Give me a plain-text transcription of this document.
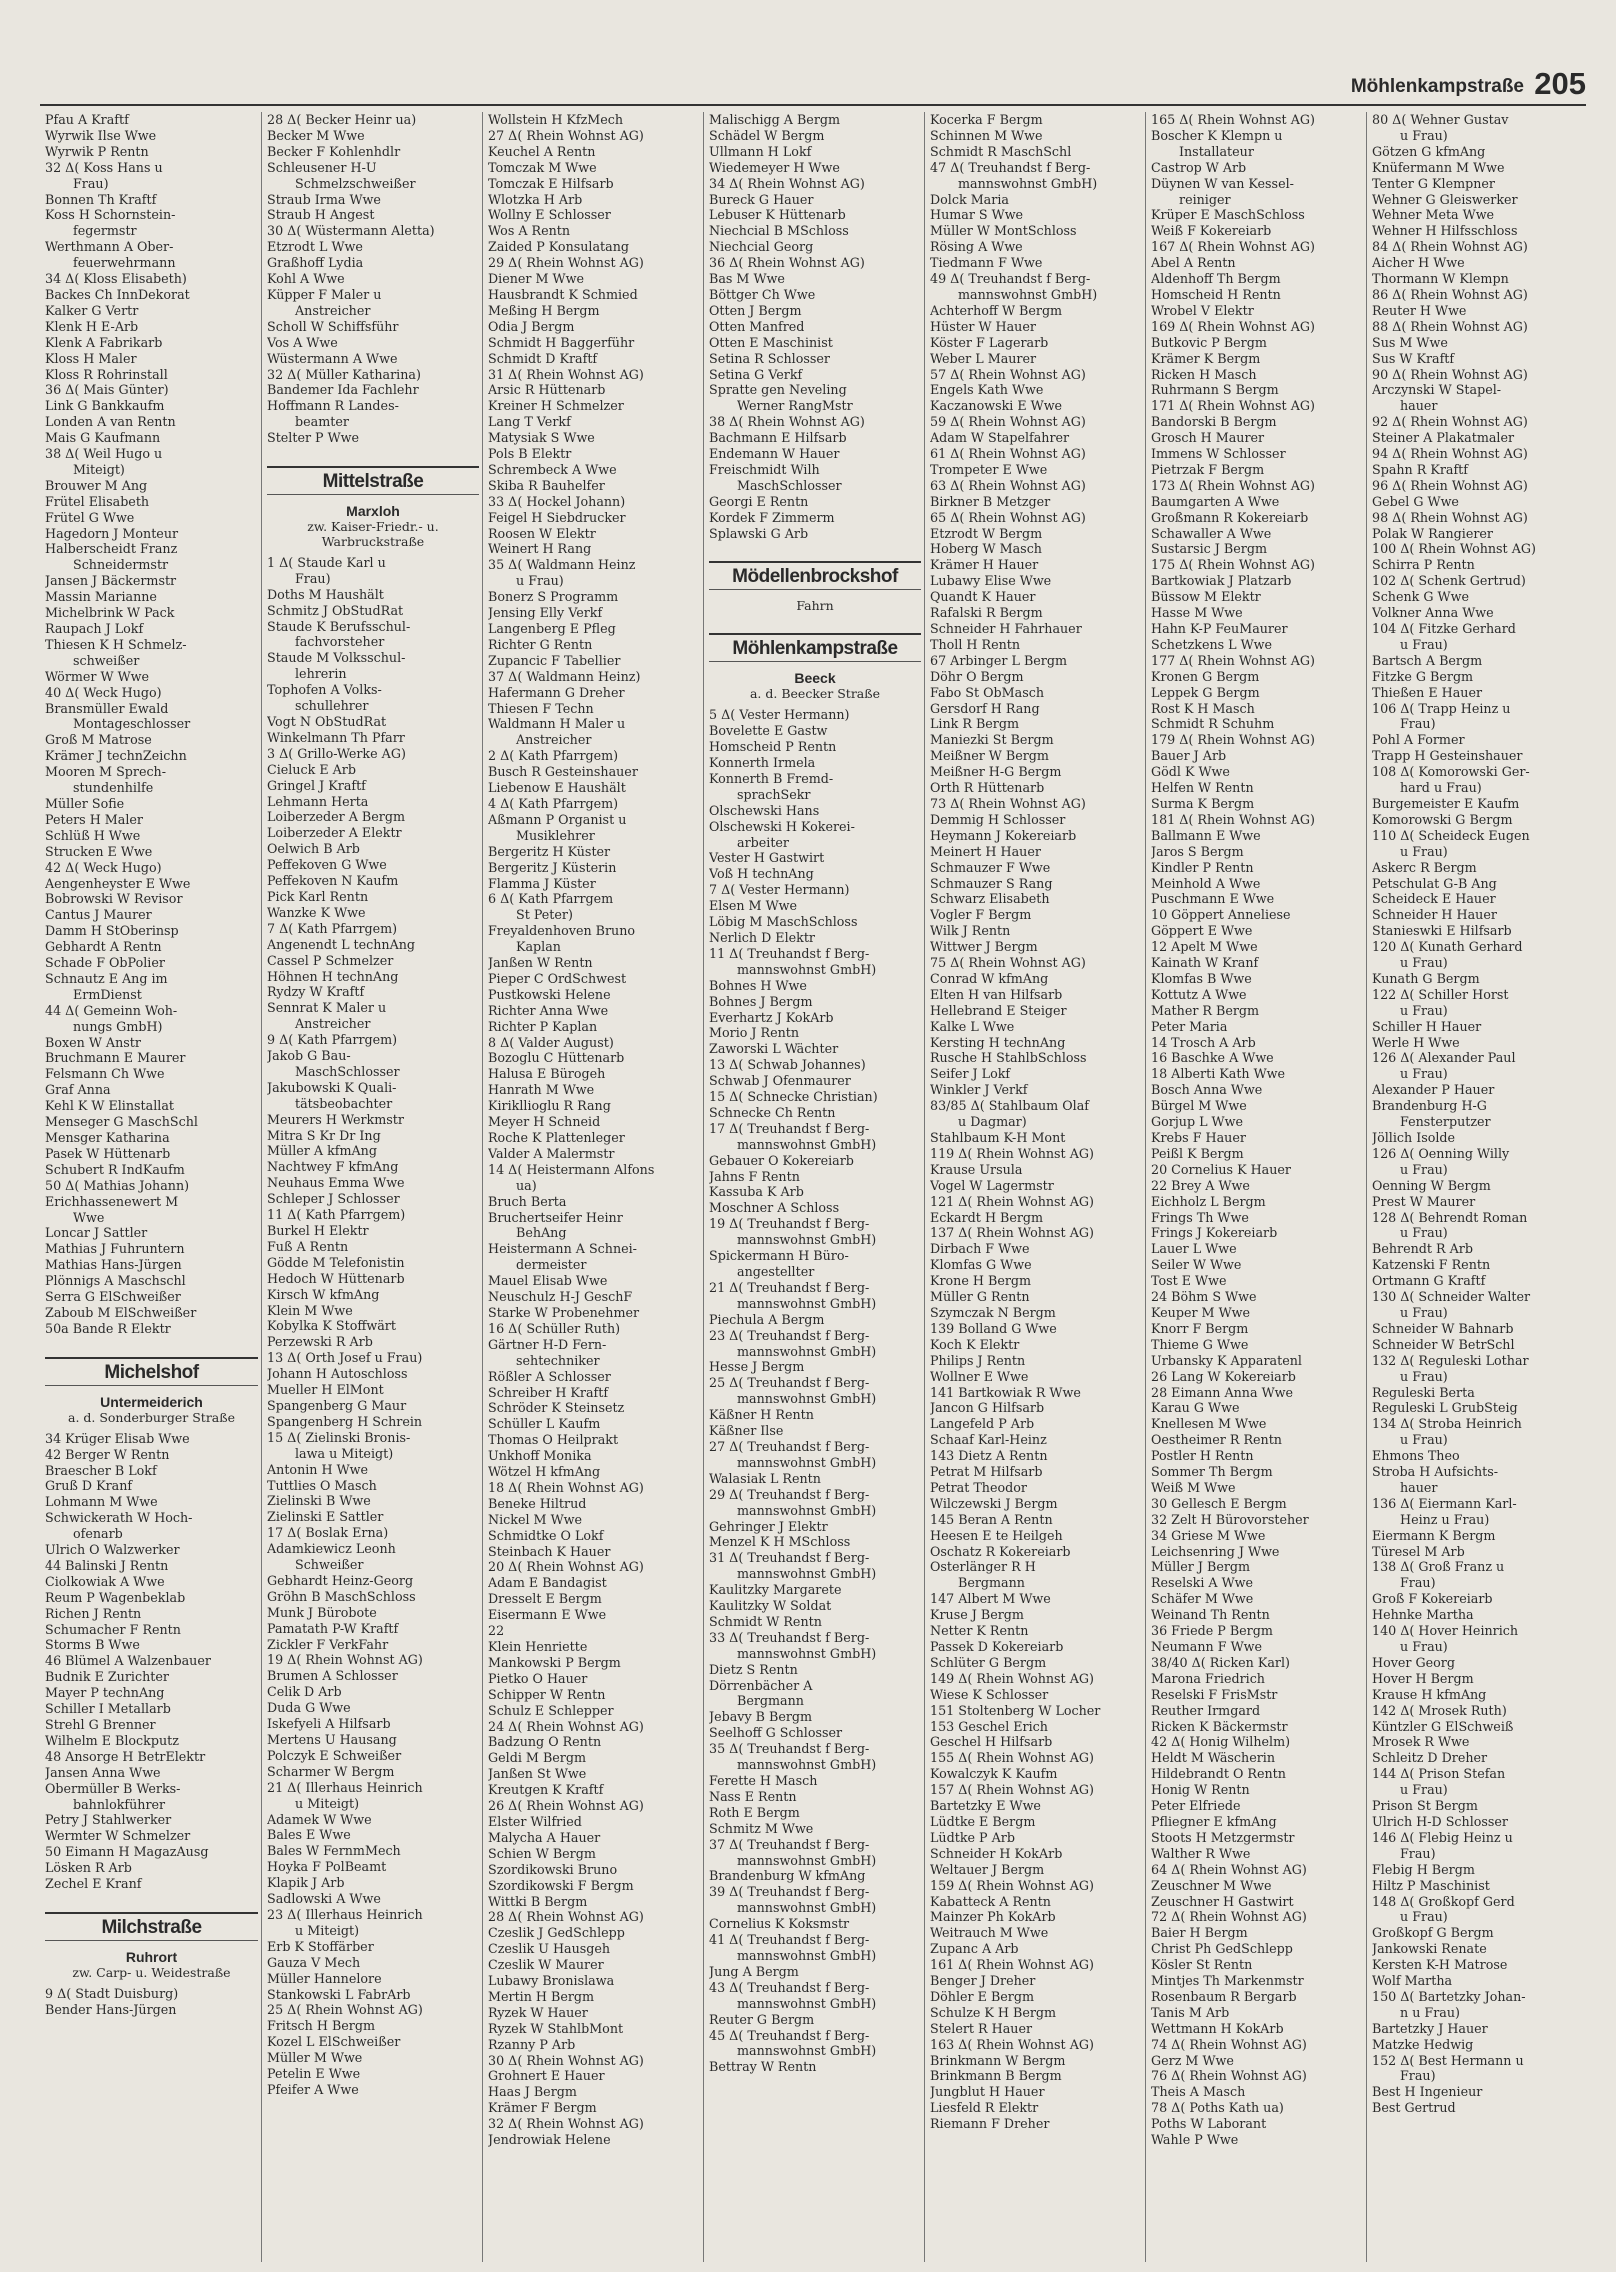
Möhlenkampstraße 205
Pfau A Kraftf
Wyrwik Ilse Wwe
Wyrwik P Rentn
32 Δ( Koss Hans u
Frau)
Bonnen Th Kraftf
Koss H Schornstein-
fegermstr
Werthmann A Ober-
feuerwehrmann
34 Δ( Kloss Elisabeth)
Backes Ch InnDekorat
Kalker G Vertr
Klenk H E-Arb
Klenk A Fabrikarb
Kloss H Maler
Kloss R Rohrinstall
36 Δ( Mais Günter)
Link G Bankkaufm
Londen A van Rentn
Mais G Kaufmann
38 Δ( Weil Hugo u
Miteigt)
Brouwer M Ang
Frütel Elisabeth
Frütel G Wwe
Hagedorn J Monteur
Halberscheidt Franz
Schneidermstr
Jansen J Bäckermstr
Massin Marianne
Michelbrink W Pack
Raupach J Lokf
Thiesen K H Schmelz-
schweißer
Wörmer W Wwe
40 Δ( Weck Hugo)
Bransmüller Ewald
Montageschlosser
Groß M Matrose
Krämer J technZeichn
Mooren M Sprech-
stundenhilfe
Müller Sofie
Peters H Maler
Schlüß H Wwe
Strucken E Wwe
42 Δ( Weck Hugo)
Aengenheyster E Wwe
Bobrowski W Revisor
Cantus J Maurer
Damm H StOberinsp
Gebhardt A Rentn
Schade F ObPolier
Schnautz E Ang im
ErmDienst
44 Δ( Gemeinn Woh-
nungs GmbH)
Boxen W Anstr
Bruchmann E Maurer
Felsmann Ch Wwe
Graf Anna
Kehl K W Elinstallat
Menseger G MaschSchl
Mensger Katharina
Pasek W Hüttenarb
Schubert R IndKaufm
50 Δ( Mathias Johann)
Erichhassenewert M
Wwe
Loncar J Sattler
Mathias J Fuhruntern
Mathias Hans-Jürgen
Plönnigs A Maschschl
Serra G ElSchweißer
Zaboub M ElSchweißer
50a Bande R Elektr
Michelshof
Untermeiderich
a. d. Sonderburger Straße
34 Krüger Elisab Wwe
42 Berger W Rentn
Braescher B Lokf
Gruß D Kranf
Lohmann M Wwe
Schwickerath W Hoch-
ofenarb
Ulrich O Walzwerker
44 Balinski J Rentn
Ciolkowiak A Wwe
Reum P Wagenbeklab
Richen J Rentn
Schumacher F Rentn
Storms B Wwe
46 Blümel A Walzenbauer
Budnik E Zurichter
Mayer P technAng
Schiller I Metallarb
Strehl G Brenner
Wilhelm E Blockputz
48 Ansorge H BetrElektr
Jansen Anna Wwe
Obermüller B Werks-
bahnlokführer
Petry J Stahlwerker
Wermter W Schmelzer
50 Eimann H MagazAusg
Lösken R Arb
Zechel E Kranf
Milchstraße
Ruhrort
zw. Carp- u. Weidestraße
9 Δ( Stadt Duisburg)
Bender Hans-Jürgen
28 Δ( Becker Heinr ua)
Becker M Wwe
Becker F Kohlenhdlr
Schleusener H-U
Schmelzschweißer
Straub Irma Wwe
Straub H Angest
30 Δ( Wüstermann Aletta)
Etzrodt L Wwe
Graßhoff Lydia
Kohl A Wwe
Küpper F Maler u
Anstreicher
Scholl W Schiffsführ
Vos A Wwe
Wüstermann A Wwe
32 Δ( Müller Katharina)
Bandemer Ida Fachlehr
Hoffmann R Landes-
beamter
Stelter P Wwe
Mittelstraße
Marxloh
zw. Kaiser-Friedr.- u. Warbruckstraße
1 Δ( Staude Karl u
Frau)
Doths M Haushält
Schmitz J ObStudRat
Staude K Berufsschul-
fachvorsteher
Staude M Volksschul-
lehrerin
Tophofen A Volks-
schullehrer
Vogt N ObStudRat
Winkelmann Th Pfarr
3 Δ( Grillo-Werke AG)
Cieluck E Arb
Gringel J Kraftf
Lehmann Herta
Loiberzeder A Bergm
Loiberzeder A Elektr
Oelwich B Arb
Peffekoven G Wwe
Peffekoven N Kaufm
Pick Karl Rentn
Wanzke K Wwe
7 Δ( Kath Pfarrgem)
Angenendt L technAng
Cassel P Schmelzer
Höhnen H technAng
Rydzy W Kraftf
Sennrat K Maler u
Anstreicher
9 Δ( Kath Pfarrgem)
Jakob G Bau-
MaschSchlosser
Jakubowski K Quali-
tätsbeobachter
Meurers H Werkmstr
Mitra S Kr Dr Ing
Müller A kfmAng
Nachtwey F kfmAng
Neuhaus Emma Wwe
Schleper J Schlosser
11 Δ( Kath Pfarrgem)
Burkel H Elektr
Fuß A Rentn
Gödde M Telefonistin
Hedoch W Hüttenarb
Kirsch W kfmAng
Klein M Wwe
Kobylka K Stoffwärt
Perzewski R Arb
13 Δ( Orth Josef u Frau)
Johann H Autoschloss
Mueller H ElMont
Spangenberg G Maur
Spangenberg H Schrein
15 Δ( Zielinski Bronis-
lawa u Miteigt)
Antonin H Wwe
Tuttlies O Masch
Zielinski B Wwe
Zielinski E Sattler
17 Δ( Boslak Erna)
Adamkiewicz Leonh
Schweißer
Gebhardt Heinz-Georg
Gröhn B MaschSchloss
Munk J Bürobote
Pamatath P-W Kraftf
Zickler F VerkFahr
19 Δ( Rhein Wohnst AG)
Brumen A Schlosser
Celik D Arb
Duda G Wwe
Iskefyeli A Hilfsarb
Mertens U Hausang
Polczyk E Schweißer
Scharmer W Bergm
21 Δ( Illerhaus Heinrich
u Miteigt)
Adamek W Wwe
Bales E Wwe
Bales W FernmMech
Hoyka F PolBeamt
Klapik J Arb
Sadlowski A Wwe
23 Δ( Illerhaus Heinrich
u Miteigt)
Erb K Stoffärber
Gauza V Mech
Müller Hannelore
Stankowski L FabrArb
25 Δ( Rhein Wohnst AG)
Fritsch H Bergm
Kozel L ElSchweißer
Müller M Wwe
Petelin E Wwe
Pfeifer A Wwe
Wollstein H KfzMech
27 Δ( Rhein Wohnst AG)
Keuchel A Rentn
Tomczak M Wwe
Tomczak E Hilfsarb
Wlotzka H Arb
Wollny E Schlosser
Wos A Rentn
Zaided P Konsulatang
29 Δ( Rhein Wohnst AG)
Diener M Wwe
Hausbrandt K Schmied
Meßing H Bergm
Odia J Bergm
Schmidt H Baggerführ
Schmidt D Kraftf
31 Δ( Rhein Wohnst AG)
Arsic R Hüttenarb
Kreiner H Schmelzer
Lang T Verkf
Matysiak S Wwe
Pols B Elektr
Schrembeck A Wwe
Skiba R Bauhelfer
33 Δ( Hockel Johann)
Feigel H Siebdrucker
Roosen W Elektr
Weinert H Rang
35 Δ( Waldmann Heinz
u Frau)
Bonerz S Programm
Jensing Elly Verkf
Langenberg E Pfleg
Richter G Rentn
Zupancic F Tabellier
37 Δ( Waldmann Heinz)
Hafermann G Dreher
Thiesen F Techn
Waldmann H Maler u
Anstreicher
2 Δ( Kath Pfarrgem)
Busch R Gesteinshauer
Liebenow E Haushält
4 Δ( Kath Pfarrgem)
Aßmann P Organist u
Musiklehrer
Bergeritz H Küster
Bergeritz J Küsterin
Flamma J Küster
6 Δ( Kath Pfarrgem
St Peter)
Freyaldenhoven Bruno
Kaplan
Janßen W Rentn
Pieper C OrdSchwest
Pustkowski Helene
Richter Anna Wwe
Richter P Kaplan
8 Δ( Valder August)
Bozoglu C Hüttenarb
Halusa E Bürogeh
Hanrath M Wwe
Kirikllioglu R Rang
Meyer H Schneid
Roche K Plattenleger
Valder A Malermstr
14 Δ( Heistermann Alfons
ua)
Bruch Berta
Bruchertseifer Heinr
BehAng
Heistermann A Schnei-
dermeister
Mauel Elisab Wwe
Neuschulz H-J GeschF
Starke W Probenehmer
16 Δ( Schüller Ruth)
Gärtner H-D Fern-
sehtechniker
Rößler A Schlosser
Schreiber H Kraftf
Schröder K Steinsetz
Schüller L Kaufm
Thomas O Heilprakt
Unkhoff Monika
Wötzel H kfmAng
18 Δ( Rhein Wohnst AG)
Beneke Hiltrud
Nickel M Wwe
Schmidtke O Lokf
Steinbach K Hauer
20 Δ( Rhein Wohnst AG)
Adam E Bandagist
Dresselt E Bergm
Eisermann E Wwe
22
Klein Henriette
Mankowski P Bergm
Pietko O Hauer
Schipper W Rentn
Schulz E Schlepper
24 Δ( Rhein Wohnst AG)
Badzung O Rentn
Geldi M Bergm
Janßen St Wwe
Kreutgen K Kraftf
26 Δ( Rhein Wohnst AG)
Elster Wilfried
Malycha A Hauer
Schien W Bergm
Szordikowski Bruno
Szordikowski F Bergm
Wittki B Bergm
28 Δ( Rhein Wohnst AG)
Czeslik J GedSchlepp
Czeslik U Hausgeh
Czeslik W Maurer
Lubawy Bronislawa
Mertin H Bergm
Ryzek W Hauer
Ryzek W StahlbMont
Rzanny P Arb
30 Δ( Rhein Wohnst AG)
Grohnert E Hauer
Haas J Bergm
Krämer F Bergm
32 Δ( Rhein Wohnst AG)
Jendrowiak Helene
Malischigg A Bergm
Schädel W Bergm
Ullmann H Lokf
Wiedemeyer H Wwe
34 Δ( Rhein Wohnst AG)
Bureck G Hauer
Lebuser K Hüttenarb
Niechcial B MSchloss
Niechcial Georg
36 Δ( Rhein Wohnst AG)
Bas M Wwe
Böttger Ch Wwe
Otten J Bergm
Otten Manfred
Otten E Maschinist
Setina R Schlosser
Setina G Verkf
Spratte gen Neveling
Werner RangMstr
38 Δ( Rhein Wohnst AG)
Bachmann E Hilfsarb
Endemann W Hauer
Freischmidt Wilh
MaschSchlosser
Georgi E Rentn
Kordek F Zimmerm
Splawski G Arb
Mödellenbrockshof
Fahrn
Möhlenkampstraße
Beeck
a. d. Beecker Straße
5 Δ( Vester Hermann)
Bovelette E Gastw
Homscheid P Rentn
Konnerth Irmela
Konnerth B Fremd-
sprachSekr
Olschewski Hans
Olschewski H Kokerei-
arbeiter
Vester H Gastwirt
Voß H technAng
7 Δ( Vester Hermann)
Elsen M Wwe
Löbig M MaschSchloss
Nerlich D Elektr
11 Δ( Treuhandst f Berg-
mannswohnst GmbH)
Bohnes H Wwe
Bohnes J Bergm
Everhartz J KokArb
Morio J Rentn
Zaworski L Wächter
13 Δ( Schwab Johannes)
Schwab J Ofenmaurer
15 Δ( Schnecke Christian)
Schnecke Ch Rentn
17 Δ( Treuhandst f Berg-
mannswohnst GmbH)
Gebauer O Kokereiarb
Jahns F Rentn
Kassuba K Arb
Moschner A Schloss
19 Δ( Treuhandst f Berg-
mannswohnst GmbH)
Spickermann H Büro-
angestellter
21 Δ( Treuhandst f Berg-
mannswohnst GmbH)
Piechula A Bergm
23 Δ( Treuhandst f Berg-
mannswohnst GmbH)
Hesse J Bergm
25 Δ( Treuhandst f Berg-
mannswohnst GmbH)
Käßner H Rentn
Käßner Ilse
27 Δ( Treuhandst f Berg-
mannswohnst GmbH)
Walasiak L Rentn
29 Δ( Treuhandst f Berg-
mannswohnst GmbH)
Gehringer J Elektr
Menzel K H MSchloss
31 Δ( Treuhandst f Berg-
mannswohnst GmbH)
Kaulitzky Margarete
Kaulitzky W Soldat
Schmidt W Rentn
33 Δ( Treuhandst f Berg-
mannswohnst GmbH)
Dietz S Rentn
Dörrenbächer A
Bergmann
Jebavy B Bergm
Seelhoff G Schlosser
35 Δ( Treuhandst f Berg-
mannswohnst GmbH)
Ferette H Masch
Nass E Rentn
Roth E Bergm
Schmitz M Wwe
37 Δ( Treuhandst f Berg-
mannswohnst GmbH)
Brandenburg W kfmAng
39 Δ( Treuhandst f Berg-
mannswohnst GmbH)
Cornelius K Koksmstr
41 Δ( Treuhandst f Berg-
mannswohnst GmbH)
Jung A Bergm
43 Δ( Treuhandst f Berg-
mannswohnst GmbH)
Reuter G Bergm
45 Δ( Treuhandst f Berg-
mannswohnst GmbH)
Bettray W Rentn
Kocerka F Bergm
Schinnen M Wwe
Schmidt R MaschSchl
47 Δ( Treuhandst f Berg-
mannswohnst GmbH)
Dolck Maria
Humar S Wwe
Müller W MontSchloss
Rösing A Wwe
Tiedmann F Wwe
49 Δ( Treuhandst f Berg-
mannswohnst GmbH)
Achterhoff W Bergm
Hüster W Hauer
Köster F Lagerarb
Weber L Maurer
57 Δ( Rhein Wohnst AG)
Engels Kath Wwe
Kaczanowski E Wwe
59 Δ( Rhein Wohnst AG)
Adam W Stapelfahrer
61 Δ( Rhein Wohnst AG)
Trompeter E Wwe
63 Δ( Rhein Wohnst AG)
Birkner B Metzger
65 Δ( Rhein Wohnst AG)
Etzrodt W Bergm
Hoberg W Masch
Krämer H Hauer
Lubawy Elise Wwe
Quandt K Hauer
Rafalski R Bergm
Schneider H Fahrhauer
Tholl H Rentn
67 Arbinger L Bergm
Döhr O Bergm
Fabo St ObMasch
Gersdorf H Rang
Link R Bergm
Maniezki St Bergm
Meißner W Bergm
Meißner H-G Bergm
Orth R Hüttenarb
73 Δ( Rhein Wohnst AG)
Demmig H Schlosser
Heymann J Kokereiarb
Meinert H Hauer
Schmauzer F Wwe
Schmauzer S Rang
Schwarz Elisabeth
Vogler F Bergm
Wilk J Rentn
Wittwer J Bergm
75 Δ( Rhein Wohnst AG)
Conrad W kfmAng
Elten H van Hilfsarb
Hellebrand E Steiger
Kalke L Wwe
Kersting H technAng
Rusche H StahlbSchloss
Seifer J Lokf
Winkler J Verkf
83/85 Δ( Stahlbaum Olaf
u Dagmar)
Stahlbaum K-H Mont
119 Δ( Rhein Wohnst AG)
Krause Ursula
Vogel W Lagermstr
121 Δ( Rhein Wohnst AG)
Eckardt H Bergm
137 Δ( Rhein Wohnst AG)
Dirbach F Wwe
Klomfas G Wwe
Krone H Bergm
Müller G Rentn
Szymczak N Bergm
139 Bolland G Wwe
Koch K Elektr
Philips J Rentn
Wollner E Wwe
141 Bartkowiak R Wwe
Jancon G Hilfsarb
Langefeld P Arb
Schaaf Karl-Heinz
143 Dietz A Rentn
Petrat M Hilfsarb
Petrat Theodor
Wilczewski J Bergm
145 Beran A Rentn
Heesen E te Heilgeh
Oschatz R Kokereiarb
Osterlänger R H
Bergmann
147 Albert M Wwe
Kruse J Bergm
Netter K Rentn
Passek D Kokereiarb
Schlüter G Bergm
149 Δ( Rhein Wohnst AG)
Wiese K Schlosser
151 Stoltenberg W Locher
153 Geschel Erich
Geschel H Hilfsarb
155 Δ( Rhein Wohnst AG)
Kowalczyk K Kaufm
157 Δ( Rhein Wohnst AG)
Bartetzky E Wwe
Lüdtke E Bergm
Lüdtke P Arb
Schneider H KokArb
Weltauer J Bergm
159 Δ( Rhein Wohnst AG)
Kabatteck A Rentn
Mainzer Ph KokArb
Weitrauch M Wwe
Zupanc A Arb
161 Δ( Rhein Wohnst AG)
Benger J Dreher
Döhler E Bergm
Schulze K H Bergm
Stelert R Hauer
163 Δ( Rhein Wohnst AG)
Brinkmann W Bergm
Brinkmann B Bergm
Jungblut H Hauer
Liesfeld R Elektr
Riemann F Dreher
165 Δ( Rhein Wohnst AG)
Boscher K Klempn u
Installateur
Castrop W Arb
Düynen W van Kessel-
reiniger
Krüper E MaschSchloss
Weiß F Kokereiarb
167 Δ( Rhein Wohnst AG)
Abel A Rentn
Aldenhoff Th Bergm
Homscheid H Rentn
Wrobel V Elektr
169 Δ( Rhein Wohnst AG)
Butkovic P Bergm
Krämer K Bergm
Ricken H Masch
Ruhrmann S Bergm
171 Δ( Rhein Wohnst AG)
Bandorski B Bergm
Grosch H Maurer
Immens W Schlosser
Pietrzak F Bergm
173 Δ( Rhein Wohnst AG)
Baumgarten A Wwe
Großmann R Kokereiarb
Schawaller A Wwe
Sustarsic J Bergm
175 Δ( Rhein Wohnst AG)
Bartkowiak J Platzarb
Büssow M Elektr
Hasse M Wwe
Hahn K-P FeuMaurer
Schetzkens L Wwe
177 Δ( Rhein Wohnst AG)
Kronen G Bergm
Leppek G Bergm
Rost K H Masch
Schmidt R Schuhm
179 Δ( Rhein Wohnst AG)
Bauer J Arb
Gödl K Wwe
Helfen W Rentn
Surma K Bergm
181 Δ( Rhein Wohnst AG)
Ballmann E Wwe
Jaros S Bergm
Kindler P Rentn
Meinhold A Wwe
Puschmann E Wwe
10 Göppert Anneliese
Göppert E Wwe
12 Apelt M Wwe
Kainath W Kranf
Klomfas B Wwe
Kottutz A Wwe
Mather R Bergm
Peter Maria
14 Trosch A Arb
16 Baschke A Wwe
18 Alberti Kath Wwe
Bosch Anna Wwe
Bürgel M Wwe
Gorjup L Wwe
Krebs F Hauer
Peißl K Bergm
20 Cornelius K Hauer
22 Brey A Wwe
Eichholz L Bergm
Frings Th Wwe
Frings J Kokereiarb
Lauer L Wwe
Seiler W Wwe
Tost E Wwe
24 Böhm S Wwe
Keuper M Wwe
Knorr F Bergm
Thieme G Wwe
Urbansky K Apparatenl
26 Lang W Kokereiarb
28 Eimann Anna Wwe
Karau G Wwe
Knellesen M Wwe
Oestheimer R Rentn
Postler H Rentn
Sommer Th Bergm
Weiß M Wwe
30 Gellesch E Bergm
32 Zelt H Bürovorsteher
34 Griese M Wwe
Leichsenring J Wwe
Müller J Bergm
Reselski A Wwe
Schäfer M Wwe
Weinand Th Rentn
36 Friede P Bergm
Neumann F Wwe
38/40 Δ( Ricken Karl)
Marona Friedrich
Reselski F FrisMstr
Reuther Irmgard
Ricken K Bäckermstr
42 Δ( Honig Wilhelm)
Heldt M Wäscherin
Hildebrandt O Rentn
Honig W Rentn
Peter Elfriede
Pfliegner E kfmAng
Stoots H Metzgermstr
Walther R Wwe
64 Δ( Rhein Wohnst AG)
Zeuschner M Wwe
Zeuschner H Gastwirt
72 Δ( Rhein Wohnst AG)
Baier H Bergm
Christ Ph GedSchlepp
Kösler St Rentn
Mintjes Th Markenmstr
Rosenbaum R Bergarb
Tanis M Arb
Wettmann H KokArb
74 Δ( Rhein Wohnst AG)
Gerz M Wwe
76 Δ( Rhein Wohnst AG)
Theis A Masch
78 Δ( Poths Kath ua)
Poths W Laborant
Wahle P Wwe
80 Δ( Wehner Gustav
u Frau)
Götzen G kfmAng
Knüfermann M Wwe
Tenter G Klempner
Wehner G Gleiswerker
Wehner Meta Wwe
Wehner H Hilfsschloss
84 Δ( Rhein Wohnst AG)
Aicher H Wwe
Thormann W Klempn
86 Δ( Rhein Wohnst AG)
Reuter H Wwe
88 Δ( Rhein Wohnst AG)
Sus M Wwe
Sus W Kraftf
90 Δ( Rhein Wohnst AG)
Arczynski W Stapel-
hauer
92 Δ( Rhein Wohnst AG)
Steiner A Plakatmaler
94 Δ( Rhein Wohnst AG)
Spahn R Kraftf
96 Δ( Rhein Wohnst AG)
Gebel G Wwe
98 Δ( Rhein Wohnst AG)
Polak W Rangierer
100 Δ( Rhein Wohnst AG)
Schirra P Rentn
102 Δ( Schenk Gertrud)
Schenk G Wwe
Volkner Anna Wwe
104 Δ( Fitzke Gerhard
u Frau)
Bartsch A Bergm
Fitzke G Bergm
Thießen E Hauer
106 Δ( Trapp Heinz u
Frau)
Pohl A Former
Trapp H Gesteinshauer
108 Δ( Komorowski Ger-
hard u Frau)
Burgemeister E Kaufm
Komorowski G Bergm
110 Δ( Scheideck Eugen
u Frau)
Askerc R Bergm
Petschulat G-B Ang
Scheideck E Hauer
Schneider H Hauer
Stanieswki E Hilfsarb
120 Δ( Kunath Gerhard
u Frau)
Kunath G Bergm
122 Δ( Schiller Horst
u Frau)
Schiller H Hauer
Werle H Wwe
126 Δ( Alexander Paul
u Frau)
Alexander P Hauer
Brandenburg H-G
Fensterputzer
Jöllich Isolde
126 Δ( Oenning Willy
u Frau)
Oenning W Bergm
Prest W Maurer
128 Δ( Behrendt Roman
u Frau)
Behrendt R Arb
Katzenski F Rentn
Ortmann G Kraftf
130 Δ( Schneider Walter
u Frau)
Schneider W Bahnarb
Schneider W BetrSchl
132 Δ( Reguleski Lothar
u Frau)
Reguleski Berta
Reguleski L GrubSteig
134 Δ( Stroba Heinrich
u Frau)
Ehmons Theo
Stroba H Aufsichts-
hauer
136 Δ( Eiermann Karl-
Heinz u Frau)
Eiermann K Bergm
Türesel M Arb
138 Δ( Groß Franz u
Frau)
Groß F Kokereiarb
Hehnke Martha
140 Δ( Hover Heinrich
u Frau)
Hover Georg
Hover H Bergm
Krause H kfmAng
142 Δ( Mrosek Ruth)
Küntzler G ElSchweiß
Mrosek R Wwe
Schleitz D Dreher
144 Δ( Prison Stefan
u Frau)
Prison St Bergm
Ulrich H-D Schlosser
146 Δ( Flebig Heinz u
Frau)
Flebig H Bergm
Hiltz P Maschinist
148 Δ( Großkopf Gerd
u Frau)
Großkopf G Bergm
Jankowski Renate
Kersten K-H Matrose
Wolf Martha
150 Δ( Bartetzky Johan-
n u Frau)
Bartetzky J Hauer
Matzke Hedwig
152 Δ( Best Hermann u
Frau)
Best H Ingenieur
Best Gertrud
